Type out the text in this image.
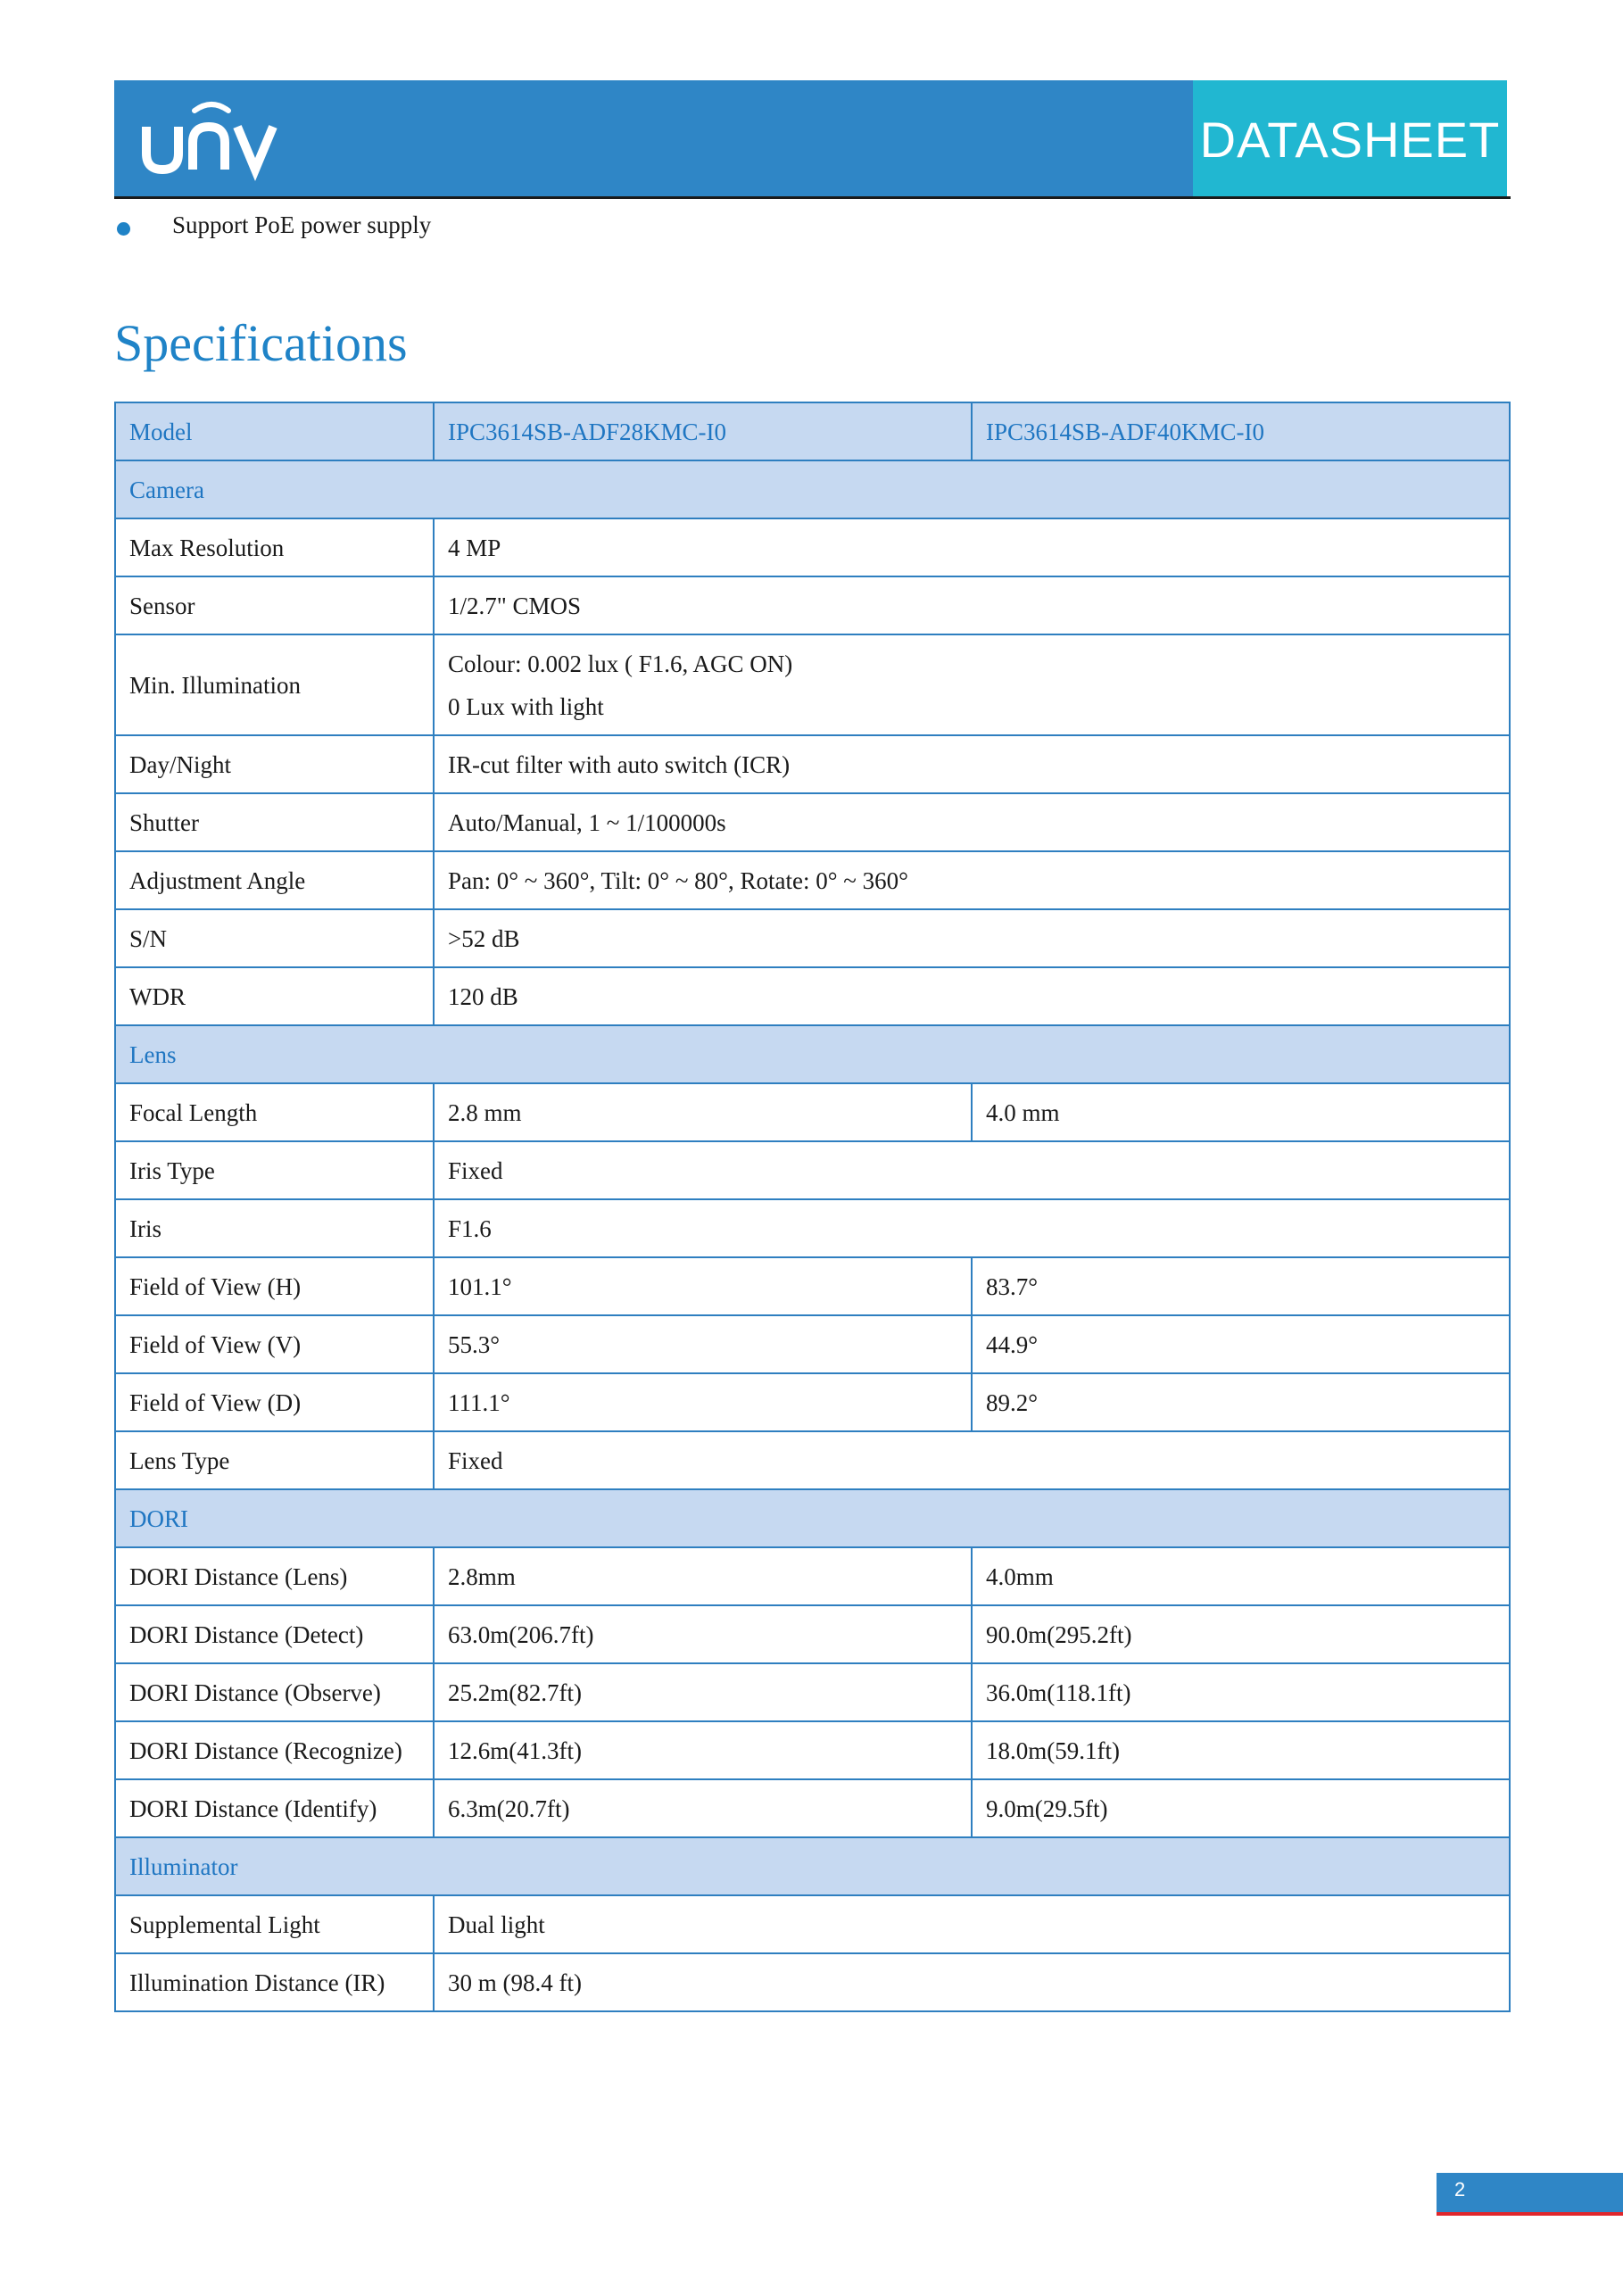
DATASHEET
Support PoE power supply
Specifications
Model	IPC3614SB-ADF28KMC-I0	IPC3614SB-ADF40KMC-I0
Camera		
Max Resolution	4 MP	
Sensor	1/2.7" CMOS	
Min. Illumination	Colour: 0.002 lux ( F1.6, AGC ON)
0 Lux with light	

Day/Night	IR-cut filter with auto switch (ICR)	
Shutter	Auto/Manual, 1 ~ 1/100000s	
Adjustment Angle	Pan: 0° ~ 360°, Tilt: 0° ~ 80°, Rotate: 0° ~ 360°	
S/N	>52 dB	
WDR	120 dB	
Lens		
Focal Length	2.8 mm	4.0 mm
Iris Type	Fixed	
Iris	F1.6	
Field of View (H)	101.1°	83.7°
Field of View (V)	55.3°	44.9°
Field of View (D)	111.1°	89.2°
Lens Type	Fixed	
DORI		
DORI Distance (Lens)	2.8mm	4.0mm
DORI Distance (Detect)	63.0m(206.7ft)	90.0m(295.2ft)
DORI Distance (Observe)	25.2m(82.7ft)	36.0m(118.1ft)
DORI Distance (Recognize)	12.6m(41.3ft)	18.0m(59.1ft)
DORI Distance (Identify)	6.3m(20.7ft)	9.0m(29.5ft)
Illuminator		
Supplemental Light	Dual light	
Illumination Distance (IR)	30 m (98.4 ft)	
2
